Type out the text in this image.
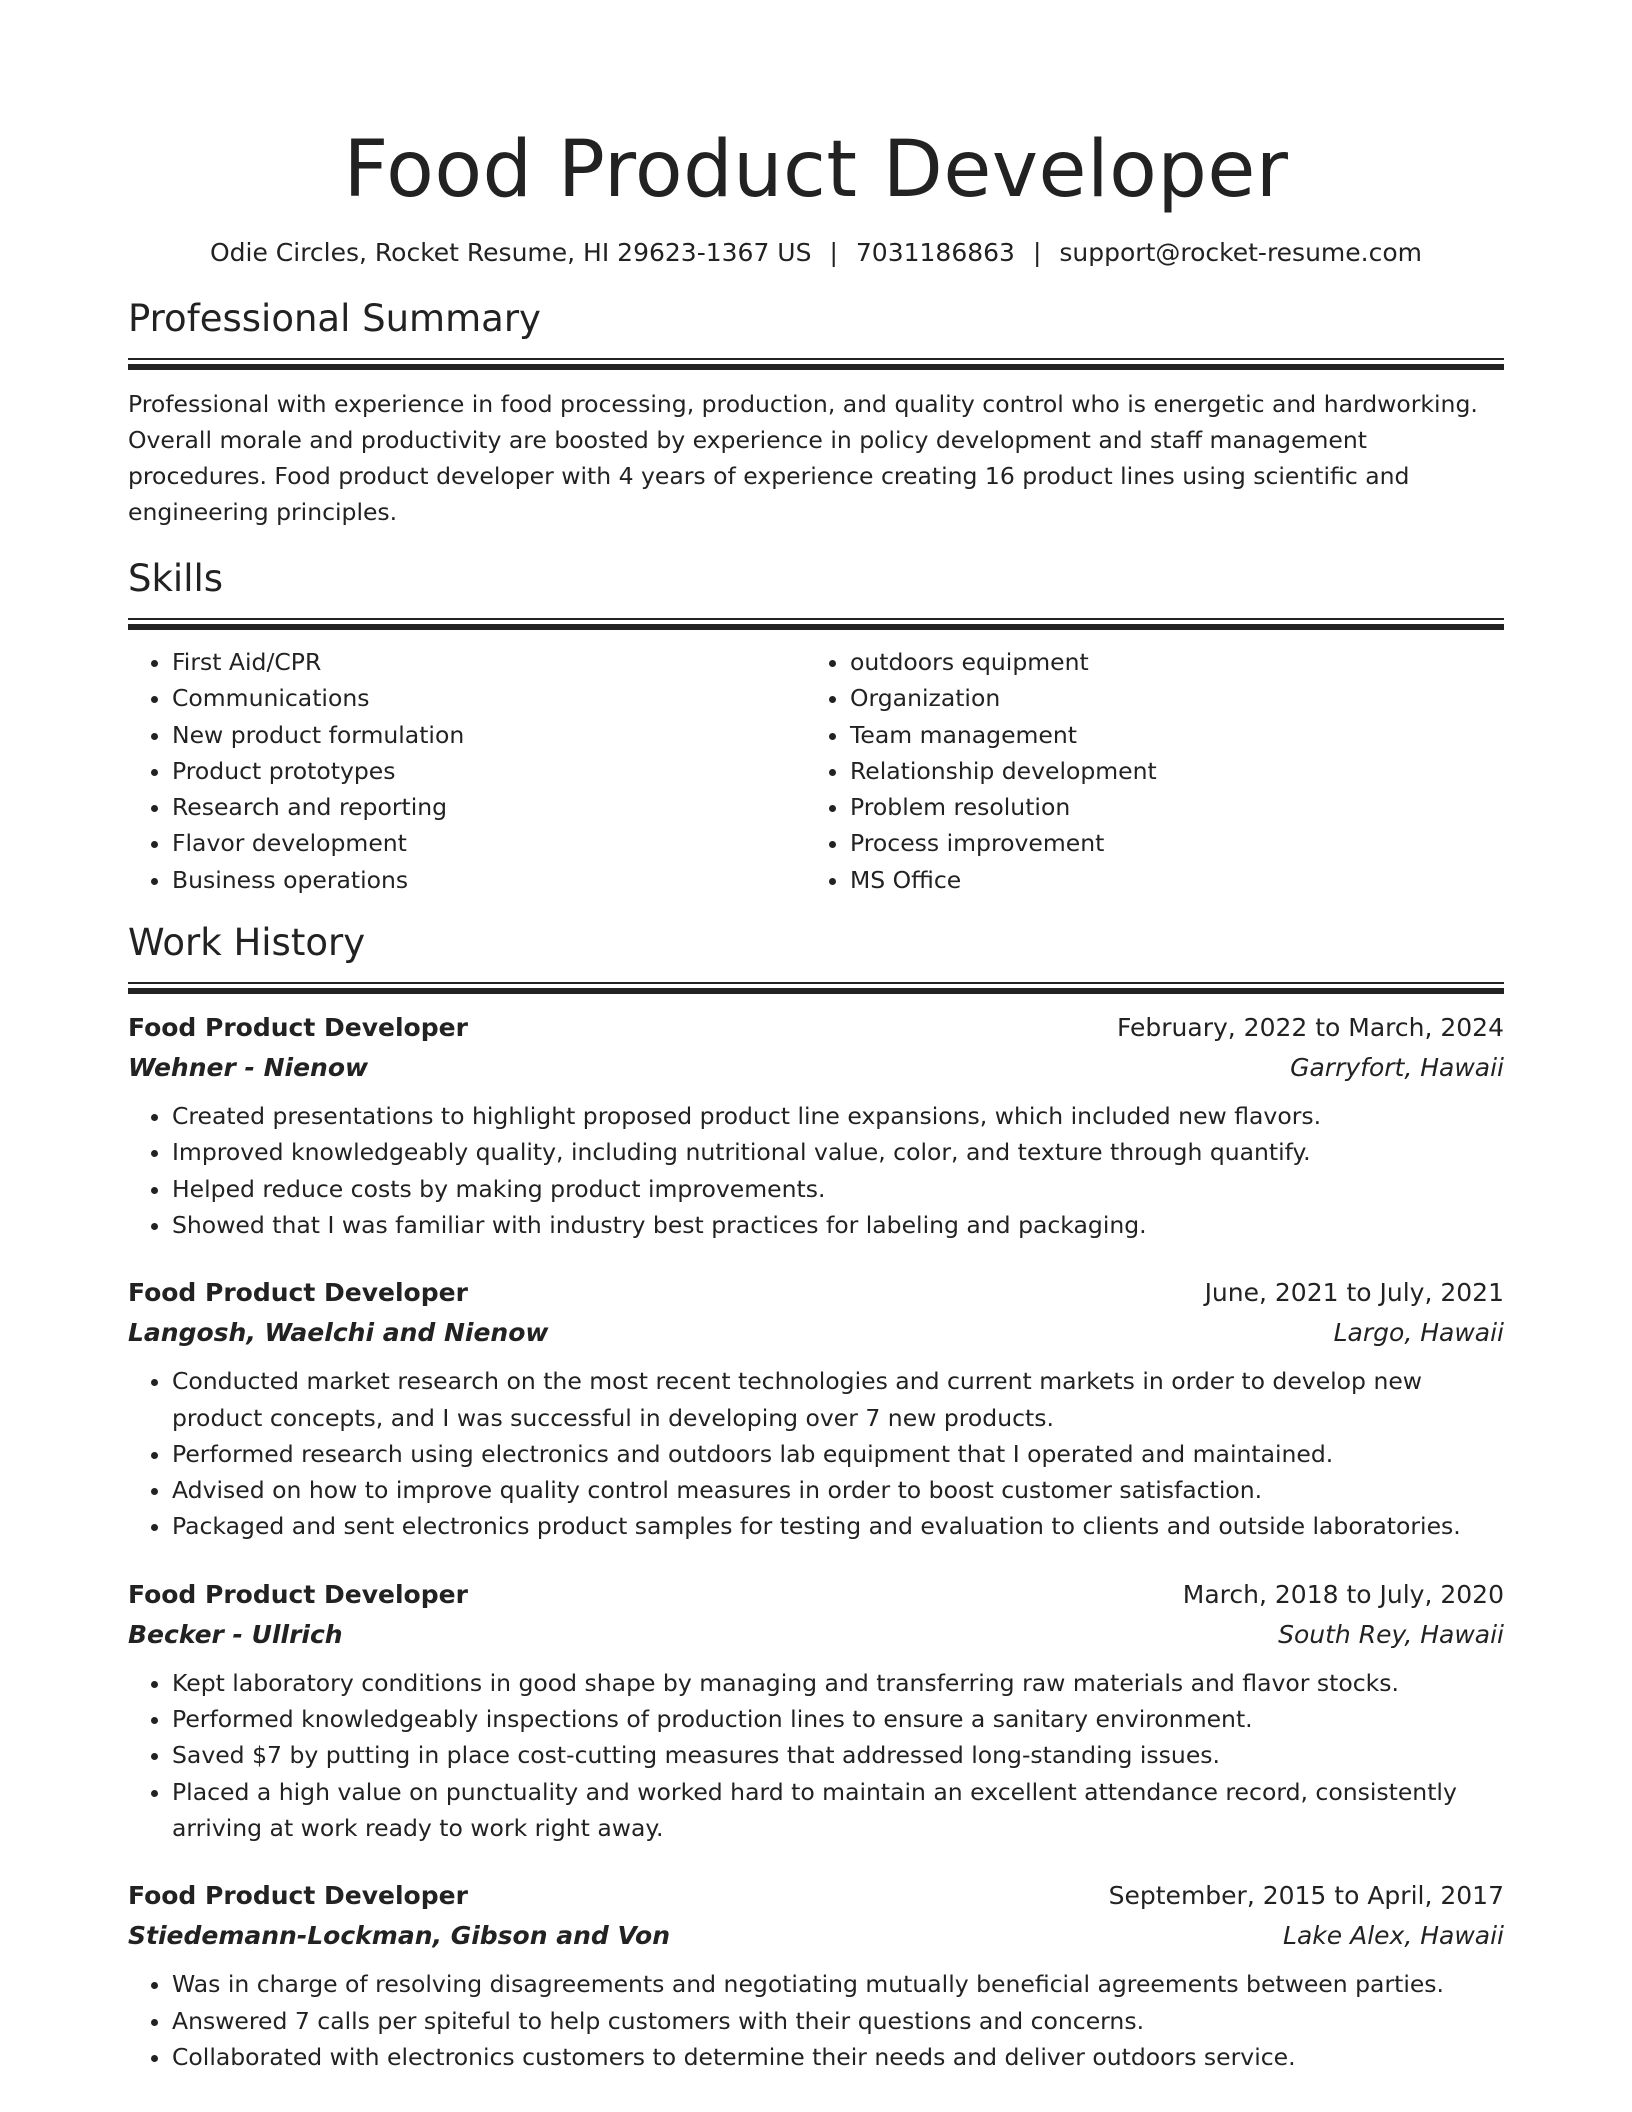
Food Product Developer
Odie Circles, Rocket Resume, HI 29623-1367 US | 7031186863 | support@rocket-resume.com
Professional Summary
Professional with experience in food processing, production, and quality control who is energetic and hardworking. Overall morale and productivity are boosted by experience in policy development and staff management procedures. Food product developer with 4 years of experience creating 16 product lines using scientific and engineering principles.
Skills
• First Aid/CPR
• Communications
• New product formulation
• Product prototypes
• Research and reporting
• Flavor development
• Business operations
• outdoors equipment
• Organization
• Team management
• Relationship development
• Problem resolution
• Process improvement
• MS Office
Work History
Food Product Developer	February, 2022 to March, 2024
Wehner - Nienow	Garryfort, Hawaii
• Created presentations to highlight proposed product line expansions, which included new flavors.
• Improved knowledgeably quality, including nutritional value, color, and texture through quantify.
• Helped reduce costs by making product improvements.
• Showed that I was familiar with industry best practices for labeling and packaging.
Food Product Developer	June, 2021 to July, 2021
Langosh, Waelchi and Nienow	Largo, Hawaii
• Conducted market research on the most recent technologies and current markets in order to develop new product concepts, and I was successful in developing over 7 new products.
• Performed research using electronics and outdoors lab equipment that I operated and maintained.
• Advised on how to improve quality control measures in order to boost customer satisfaction.
• Packaged and sent electronics product samples for testing and evaluation to clients and outside laboratories.
Food Product Developer	March, 2018 to July, 2020
Becker - Ullrich	South Rey, Hawaii
• Kept laboratory conditions in good shape by managing and transferring raw materials and flavor stocks.
• Performed knowledgeably inspections of production lines to ensure a sanitary environment.
• Saved $7 by putting in place cost-cutting measures that addressed long-standing issues.
• Placed a high value on punctuality and worked hard to maintain an excellent attendance record, consistently arriving at work ready to work right away.
Food Product Developer	September, 2015 to April, 2017
Stiedemann-Lockman, Gibson and Von	Lake Alex, Hawaii
• Was in charge of resolving disagreements and negotiating mutually beneficial agreements between parties.
• Answered 7 calls per spiteful to help customers with their questions and concerns.
• Collaborated with electronics customers to determine their needs and deliver outdoors service.
